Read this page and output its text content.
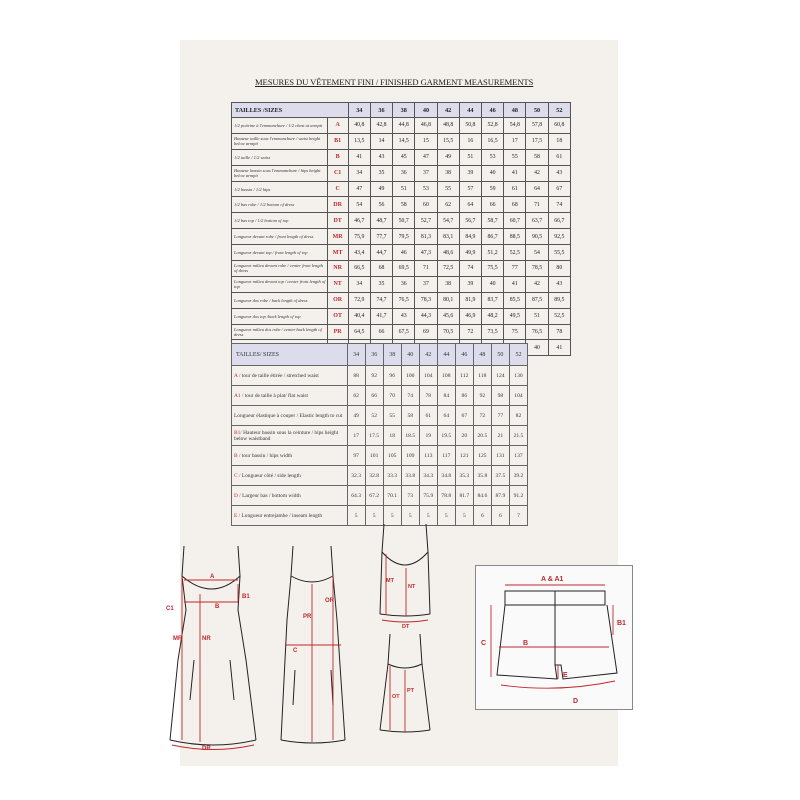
MESURES DU VÊTEMENT FINI / FINISHED GARMENT MEASUREMENTS
TAILLES /SIZES		34	36	38	40	42	44	46	48	50	52
1/2 poitrine à l'emmanchure / 1/2 chest at armpit	A	40,8	42,8	44,8	46,8	48,8	50,8	52,8	54,8	57,8	60,8
Hauteur taille sous l'emmanchure / waist height below armpit	B1	13,5	14	14,5	15	15,5	16	16,5	17	17,5	18
1/2 taille / 1/2 waist	B	41	43	45	47	49	51	53	55	58	61
Hauteur bassin sous l'emmanchure / hips height below armpit	C1	34	35	36	37	38	39	40	41	42	43
1/2 bassin / 1/2 hips	C	47	49	51	53	55	57	59	61	64	67
1/2 bas robe / 1/2 bottom of dress	DR	54	56	58	60	62	64	66	68	71	74
1/2 bas top / 1/2 bottom of top	DT	46,7	48,7	50,7	52,7	54,7	56,7	58,7	60,7	63,7	66,7
Longueur devant robe / front length of dress	MR	75,9	77,7	79,5	81,3	83,1	84,9	86,7	88,5	90,5	92,5
Longueur devant top / front length of top	MT	43,4	44,7	46	47,3	48,6	49,9	51,2	52,5	54	55,5
Longueur milieu devant robe / center front length of dress	NR	66,5	68	69,5	71	72,5	74	75,5	77	78,5	80
Longueur milieu devant top / center front length of top	NT	34	35	36	37	38	39	40	41	42	43
Longueur dos robe / back length of dress	OR	72,9	74,7	76,5	78,3	80,1	81,9	83,7	85,5	87,5	89,5
Longueur dos top /back length of top	OT	40,4	41,7	43	44,3	45,6	46,9	48,2	49,5	51	52,5
Longueur milieu dos robe / center back length of dress	PR	64,5	66	67,5	69	70,5	72	73,5	75	76,5	78
										40	41
TAILLES/ SIZES	34	36	38	40	42	44	46	48	50	52
A / tour de taille étirée / stretched waist	88	92	96	100	104	108	112	118	124	130
A1 / tour de taille à plat/ flat waist	62	66	70	74	78	84	86	92	98	104
Longueur élastique à couper / Elastic length to cut	49	52	55	58	61	64	67	72	77	82
B1/ Hauteur bassin sous la ceinture / hips height below waistband	17	17.5	18	18.5	19	19.5	20	20.5	21	21.5
B / tour bassin / hips width	97	101	105	109	113	117	121	125	131	137
C / Longueur côté / side length	32.3	32.8	33.3	33.8	34.3	34.8	35.3	35.8	37.5	39.2
D / Largeur bas / bottom width	64.3	67.2	70.1	73	75.9	78.8	81.7	84.6	87.9	91.2
E / Longueur entrejambe / inseam length	5	5	5	5	5	5	5	6	6	7
A
B1
B
C1
MR	NR
DR
OR
PR
C
MT
NT
DT
OT
PT
A & A1
B1
B
C
E
D
